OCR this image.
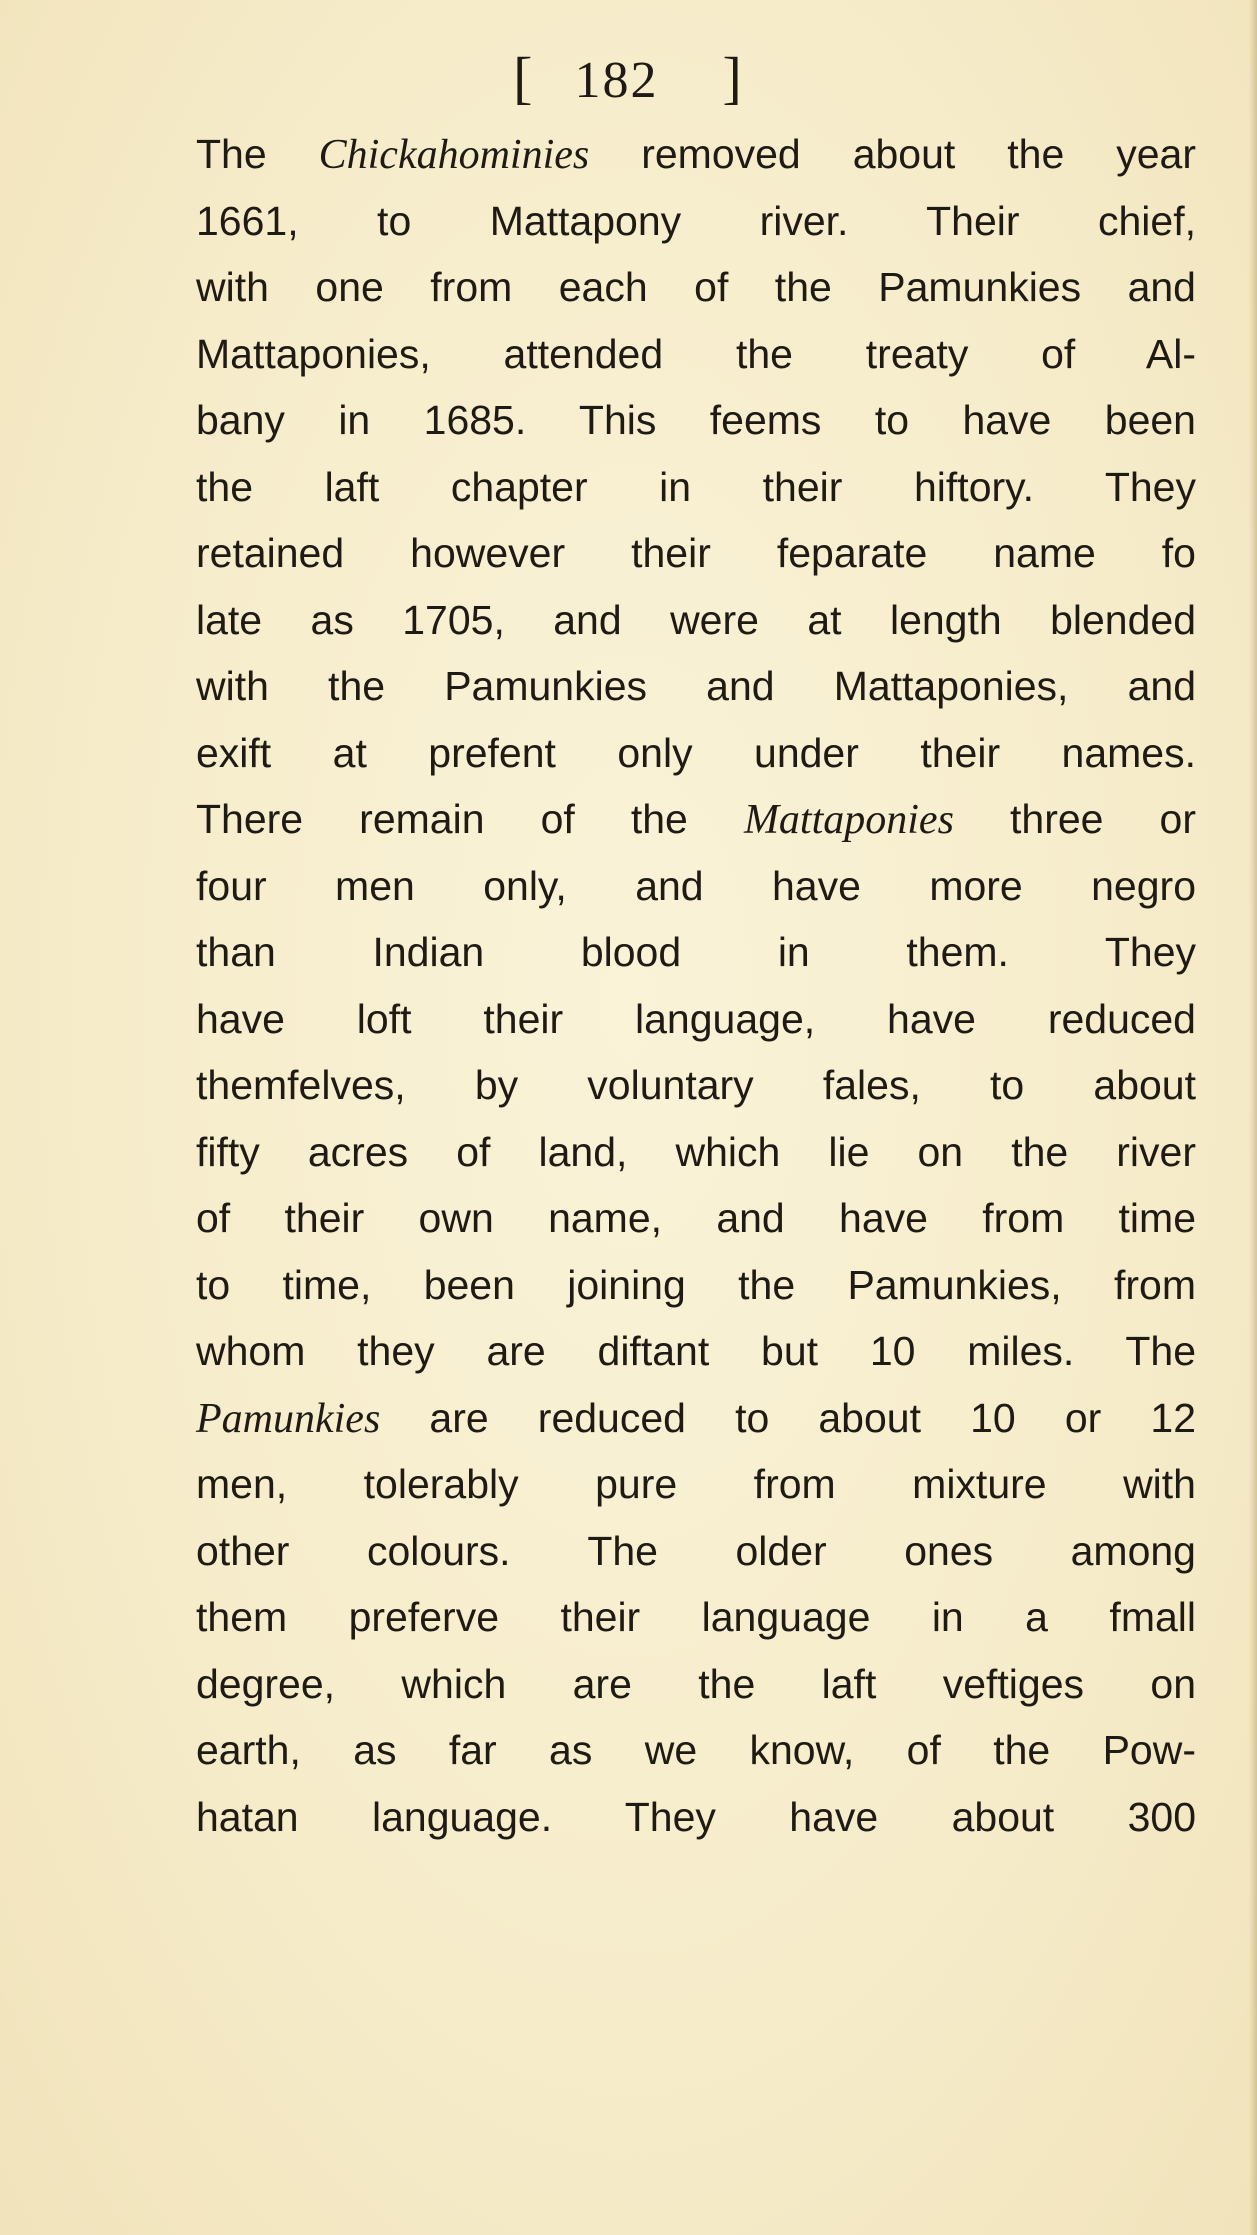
[ 182 ]
The Chickahominies removed about the year
1661, to Mattapony river. Their chief,
with one from each of the Pamunkies and
Mattaponies, attended the treaty of Al-
bany in 1685. This feems to have been
the laft chapter in their hiftory. They
retained however their feparate name fo
late as 1705, and were at length blended
with the Pamunkies and Mattaponies, and
exift at prefent only under their names.
There remain of the Mattaponies three or
four men only, and have more negro
than Indian blood in them. They
have loft their language, have reduced
themfelves, by voluntary fales, to about
fifty acres of land, which lie on the river
of their own name, and have from time
to time, been joining the Pamunkies, from
whom they are diftant but 10 miles. The
Pamunkies are reduced to about 10 or 12
men, tolerably pure from mixture with
other colours. The older ones among
them preferve their language in a fmall
degree, which are the laft veftiges on
earth, as far as we know, of the Pow-
hatan language. They have about 300
